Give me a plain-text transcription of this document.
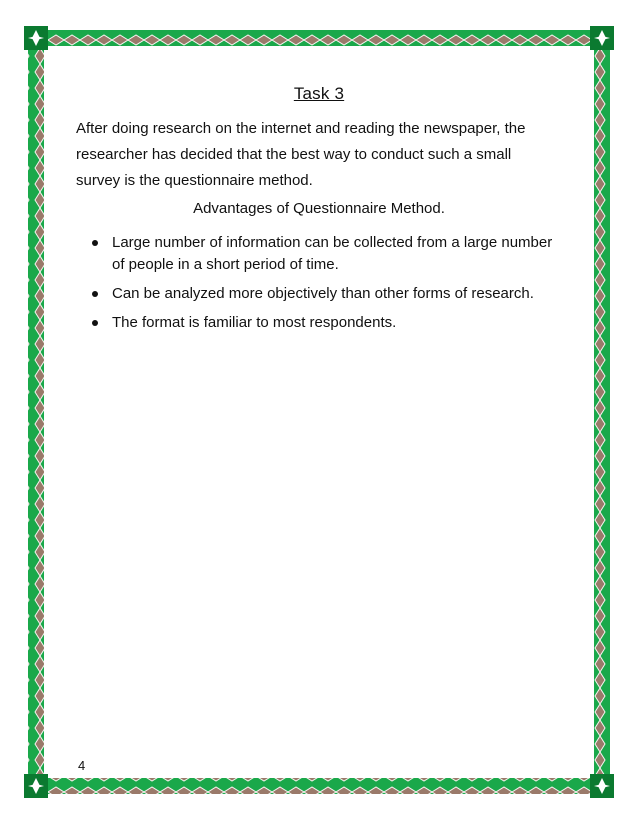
Task 3

After doing research on the internet and reading the newspaper, the researcher has decided that the best way to conduct such a small survey is the questionnaire method.

Advantages of Questionnaire Method.
Large number of information can be collected from a large number of people in a short period of time.
Can be analyzed more objectively than other forms of research.
The format is familiar to most respondents.
4
